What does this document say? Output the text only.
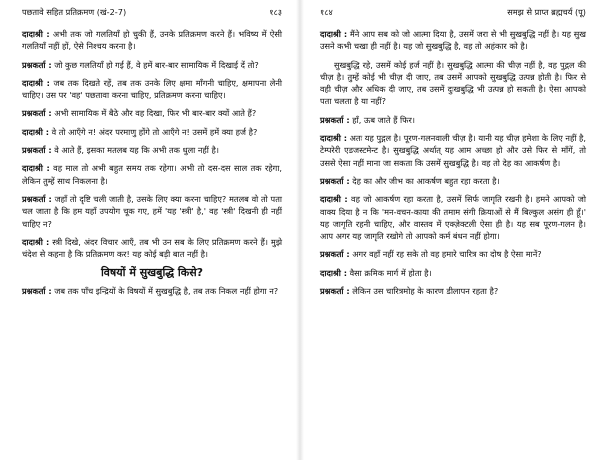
पछतावे सहित प्रतिक्रमण (खं-2-7)	१८३

दादाश्री : अभी तक जो गलतियाँ हो चुकी हैं, उनके प्रतिक्रमण करने हैं। भविष्य में ऐसी गलतियाँ नहीं हों, ऐसे निश्चय करना है।

प्रश्नकर्ता : जो कुछ गलतियाँ हो गई हैं, वे हमें बार-बार सामायिक में दिखाई दें तो?

दादाश्री : जब तक दिखते रहें, तब तक उनके लिए क्षमा माँगनी चाहिए, क्षमापना लेनी चाहिए। उस पर 'वह' पछतावा करना चाहिए, प्रतिक्रमण करना चाहिए।

प्रश्नकर्ता : अभी सामायिक में बैठे और वह दिखा, फिर भी बार-बार क्यों आते हैं?

दादाश्री : वे तो आएँगे न! अंदर परमाणु होंगे तो आएँगे न! उसमें हमें क्या हर्ज है?

प्रश्नकर्ता : वे आते हैं, इसका मतलब यह कि अभी तक धुला नहीं है।

दादाश्री : वह माल तो अभी बहुत समय तक रहेगा। अभी तो दस-दस साल तक रहेगा, लेकिन तुम्हें साथ निकलना है।

प्रश्नकर्ता : जहाँ तो दृष्टि चली जाती है, उसके लिए क्या करना चाहिए? मतलब वो तो पता चल जाता है कि हम यहाँ उपयोग चूक गए, हमें 'यह 'स्त्री' है,' वह 'स्त्री' दिखनी ही नहीं चाहिए न?

दादाश्री : स्त्री दिखे, अंदर विचार आएँ, तब भी उन सब के लिए प्रतिक्रमण करने हैं। मुझे चंदेश से कहना है कि प्रतिक्रमण कर! यह कोई बड़ी बात नहीं है।

विषयों में सुखबुद्धि किसे?

प्रश्नकर्ता : जब तक पाँच इन्द्रियों के विषयों में सुखबुद्धि है, तब तक निकल नहीं होगा न?

१८४	समझ से प्राप्त ब्रह्मचर्य (पू)

दादाश्री : मैंने आप सब को जो आत्मा दिया है, उसमें जरा से भी सुखबुद्धि नहीं है। यह सुख उसने कभी चखा ही नहीं है। यह जो सुखबुद्धि है, वह तो अहंकार को है।

सुखबुद्धि रहे, उसमें कोई हर्ज नहीं है। सुखबुद्धि आत्मा की चीज़ नहीं है, वह पुद्गल की चीज़ है। तुम्हें कोई भी चीज़ दी जाए, तब उसमें आपको सुखबुद्धि उत्पन्न होती है। फिर से वही चीज़ और अधिक दी जाए, तब उसमें दुःखबुद्धि भी उत्पन्न हो सकती है। ऐसा आपको पता चलता है या नहीं?

प्रश्नकर्ता : हाँ, ऊब जाते हैं फिर।

दादाश्री : अतः यह पुद्गल है। पूरण-गलनवाली चीज़ है। यानी यह चीज़ हमेशा के लिए नहीं है, टेम्परेरी एडजस्टमेन्ट है। सुखबुद्धि अर्थात् यह आम अच्छा हो और उसे फिर से माँगें, तो उससे ऐसा नहीं माना जा सकता कि उसमें सुखबुद्धि है। वह तो देह का आकर्षण है।

प्रश्नकर्ता : देह का और जीभ का आकर्षण बहुत रहा करता है।

दादाश्री : वह जो आकर्षण रहा करता है, उसमें सिर्फ जागृति रखनी है। हमने आपको जो वाक्य दिया है न कि 'मन-वचन-काया की तमाम संगी क्रियाओं से मैं बिल्कुल असंग ही हूँ।' यह जागृति रहनी चाहिए, और वास्तव में एक्ज़ेक्टली ऐसा ही है। यह सब पूरण-गलन है। आप अगर यह जागृति रखोगे तो आपको कर्म बंधन नहीं होगा।

प्रश्नकर्ता : अगर वहाँ नहीं रह सके तो वह हमारे चारित्र का दोष है ऐसा मानें?

दादाश्री : वैसा क्रमिक मार्ग में होता है।

प्रश्नकर्ता : लेकिन उस चारित्रमोह के कारण डीलापन रहता है?
